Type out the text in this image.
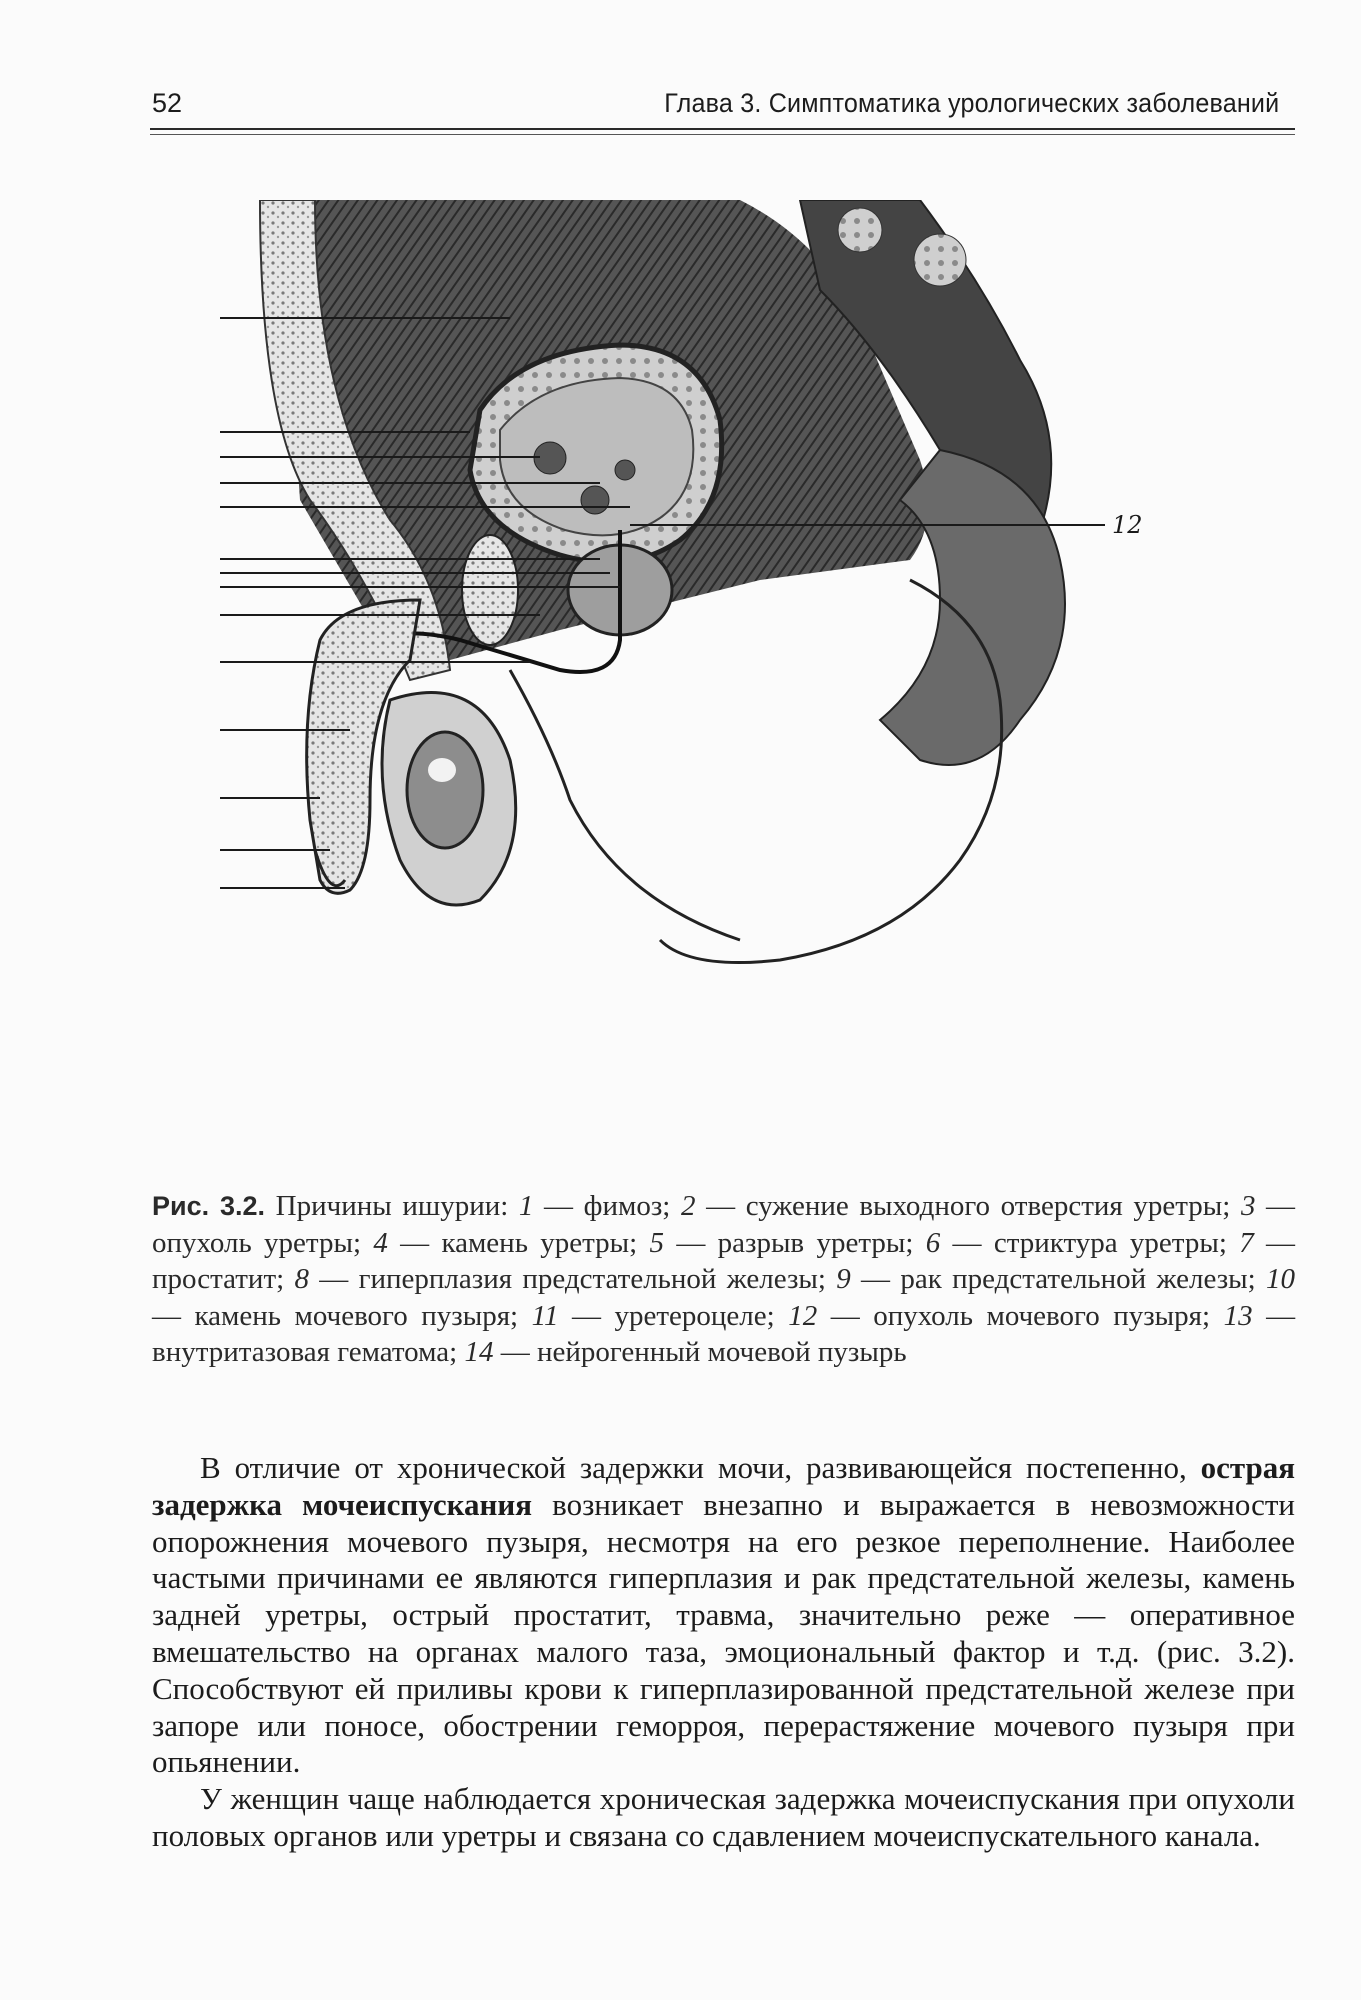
52	Глава 3. Симптоматика урологических заболеваний
12
Рис. 3.2. Причины ишурии: 1 — фимоз; 2 — сужение выходного отверстия уретры; 3 — опухоль уретры; 4 — камень уретры; 5 — разрыв уретры; 6 — стриктура уретры; 7 — простатит; 8 — гиперплазия предстательной железы; 9 — рак предстательной железы; 10 — камень мочевого пузыря; 11 — уретероцеле; 12 — опухоль мочевого пузыря; 13 — внутритазовая гематома; 14 — нейрогенный мочевой пузырь

В отличие от хронической задержки мочи, развивающейся постепенно, острая задержка мочеиспускания возникает внезапно и выражается в невозможности опорожнения мочевого пузыря, несмотря на его резкое переполнение. Наиболее частыми причинами ее являются гиперплазия и рак предстательной железы, камень задней уретры, острый простатит, травма, значительно реже — оперативное вмешательство на органах малого таза, эмоциональный фактор и т.д. (рис. 3.2). Способствуют ей приливы крови к гиперплазированной предстательной железе при запоре или поносе, обострении геморроя, перерастяжение мочевого пузыря при опьянении.

У женщин чаще наблюдается хроническая задержка мочеиспускания при опухоли половых органов или уретры и связана со сдавлением мочеиспускательного канала.
